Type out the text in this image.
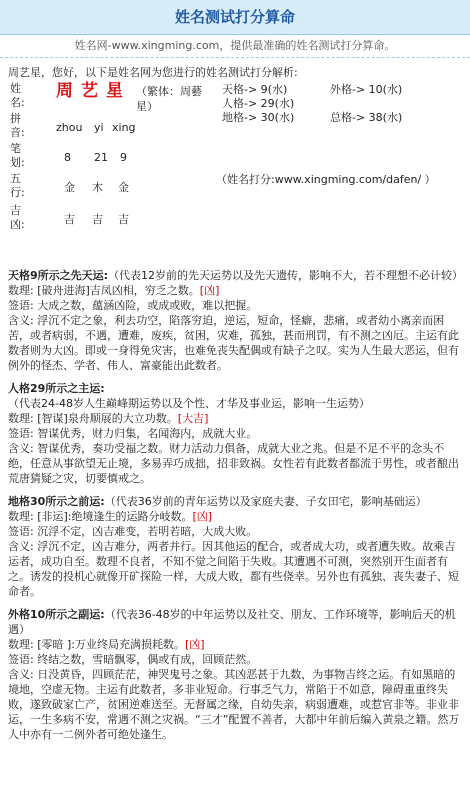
姓名测试打分算命
姓名网-www.xingming.com，提供最准确的姓名测试打分算命。
周艺星，您好，以下是姓名网为您进行的姓名测试打分解析:
姓名:
周艺星 （繁体：周藝星）
拼音:	zhou yi xing
笔划:	8 21 9
五行:	金 木 金
吉凶:	吉 吉 吉
天格-> 9(水)
人格-> 29(水)
地格-> 30(水)
外格-> 10(水)
总格-> 38(水)
（姓名打分:www.xingming.com/dafen/ ）

天格9所示之先天运:（代表12岁前的先天运势以及先天遗传，影响不大，若不理想不必计较）

数理: [破舟进海]吉凤凶相，穷乏之数。[凶]

签语: 大成之数，蕴涵凶险，或成或败，难以把握。

含义: 浮沉不定之象，利去功空，陷落穷迫，逆运，短命，怪癖，悲痛，或者幼小离亲而困苦，或者病弱，不遇，遭难，废疾，贫困，灾难，孤独，甚而刑罚，有不测之凶厄。主运有此数者则为大凶。即或一身得免灾害，也难免丧失配偶或有缺子之叹。实为人生最大恶运，但有例外的怪杰、学者、伟人、富豪能出此数者。

人格29所示之主运:（代表24-48岁人生巅峰期运势以及个性、才华及事业运，影响一生运势）

数理: [智谋]泉舟顺展的大立功数。[大吉]

签语: 智谋优秀，财力归集，名闻海内，成就大业。

含义: 智谋优秀，奏功受福之数。财力活动力俱备，成就大业之兆。但是不足不平的念头不绝，任意从事欲望无止境，多易弄巧成拙，招非致祸。女性若有此数者都流于男性，或者酿出荒唐猜疑之灾，切要慎戒之。

地格30所示之前运:（代表36岁前的青年运势以及家庭夫妻、子女田宅，影响基础运）

数理: [非运]:绝境逢生的运路分岐数。[凶]

签语: 沉浮不定，凶吉难变，若明若暗，大成大败。

含义: 浮沉不定，凶吉难分，两者并行。因其他运的配合，或者成大功，或者遭失败。故乘吉运者，成功自至。数理不良者，不知不觉之间陷于失败。其遭遇不可测，突然别开生面者有之。诱发的投机心就像开矿探险一样，大成大败，都有些侥幸。另外也有孤独、丧失妻子、短命者。

外格10所示之副运:（代表36-48岁的中年运势以及社交、朋友、工作环境等，影响后天的机遇）

数理: [零暗 ]:万业终局充满损耗数。[凶]

签语: 终结之数，雪暗飘零，偶或有成，回顾茫然。

含义: 日没黄昏，四顾茫茫，神哭鬼号之象。其凶恶甚于九数，为事物吉终之运。有如黑暗的境地，空虚无物。主运有此数者，多非业短命。行事乏气力，常陷于不如意，障碍重重终失败，遂致破家亡产，贫困逆难送至。无督属之缘，自幼失亲，病弱遭难，或惹官非等。非业非运，一生多病不安，常遇不测之灾祸。“三才”配置不善者，大都中年前后编入黄泉之籍。然万人中亦有一二例外者可绝处逢生。
